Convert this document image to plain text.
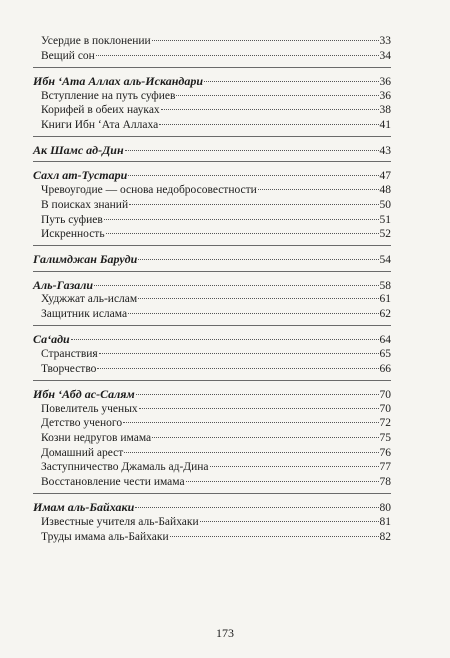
Усердие в поклонении	33
Вещий сон	34
Ибн ‘Ата Аллах аль-Искандари	36
Вступление на путь суфиев	36
Корифей в обеих науках	38
Книги Ибн ‘Ата Аллаха	41
Ак Шамс ад-Дин	43
Сахл ат-Тустари	47
Чревоугодие — основа недобросовестности	48
В поисках знаний	50
Путь суфиев	51
Искренность	52
Галимджан Баруди	54
Аль-Газали	58
Худжжат аль-ислам	61
Защитник ислама	62
Са‘ади	64
Странствия	65
Творчество	66
Ибн ‘Абд ас-Салям	70
Повелитель ученых	70
Детство ученого	72
Козни недругов имама	75
Домашний арест	76
Заступничество Джамаль ад-Дина	77
Восстановление чести имама	78
Имам аль-Байхаки	80
Известные учителя аль-Байхаки	81
Труды имама аль-Байхаки	82
173
